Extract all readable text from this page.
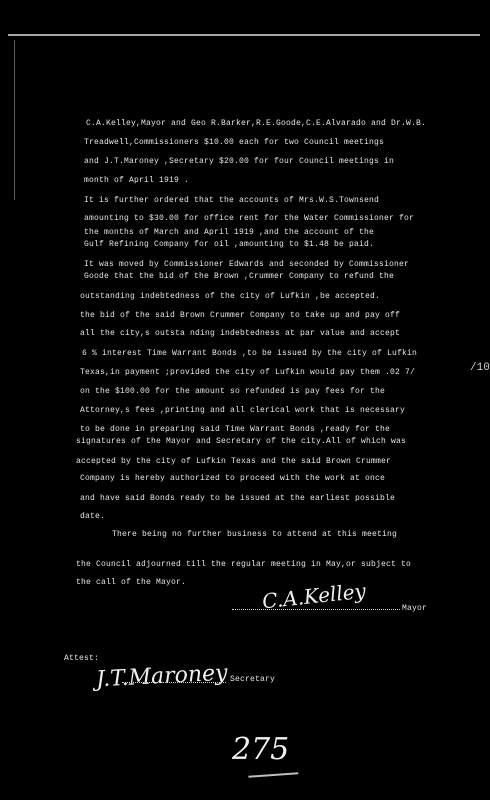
C.A.Kelley,Mayor and Geo R.Barker,R.E.Goode,C.E.Alvarado and Dr.W.B.
Treadwell,Commissioners $10.00 each for two Council meetings
and J.T.Maroney ,Secretary $20.00 for four Council meetings in
month of April 1919 .
It is further ordered that the accounts of Mrs.W.S.Townsend
amounting to $30.00 for office rent for the Water Commissioner for
the months of March and April 1919 ,and the account of the
Gulf Refining Company for oil ,amounting to $1.48 be paid.
It was moved by Commissioner Edwards and seconded by Commissioner
Goode that the bid of the Brown ,Crummer Company to refund the
outstanding indebtedness of the city of Lufkin ,be accepted.
the bid of the said Brown Crummer Company to take up and pay off
all the city,s outsta nding indebtedness at par value and accept
6 % interest Time Warrant Bonds ,to be issued by the city of Lufkin
Texas,in payment ;provided the city of Lufkin would pay them .02 7/
on the $100.00 for the amount so refunded is pay fees for the
Attorney,s fees ,printing and all clerical work that is necessary
to be done in preparing said Time Warrant Bonds ,ready for the
signatures of the Mayor and Secretary of the city.All of which was
accepted by the city of Lufkin Texas and the said Brown Crummer
Company is hereby authorized to proceed with the work at once
and have said Bonds ready to be issued at the earliest possible
date.
There being no further business to attend at this meeting
the Council adjourned till the regular meeting in May,or subject to
the call of the Mayor.
/10
C.A.Kelley	Mayor
Attest:
J.T.Maroney Secretary
275
